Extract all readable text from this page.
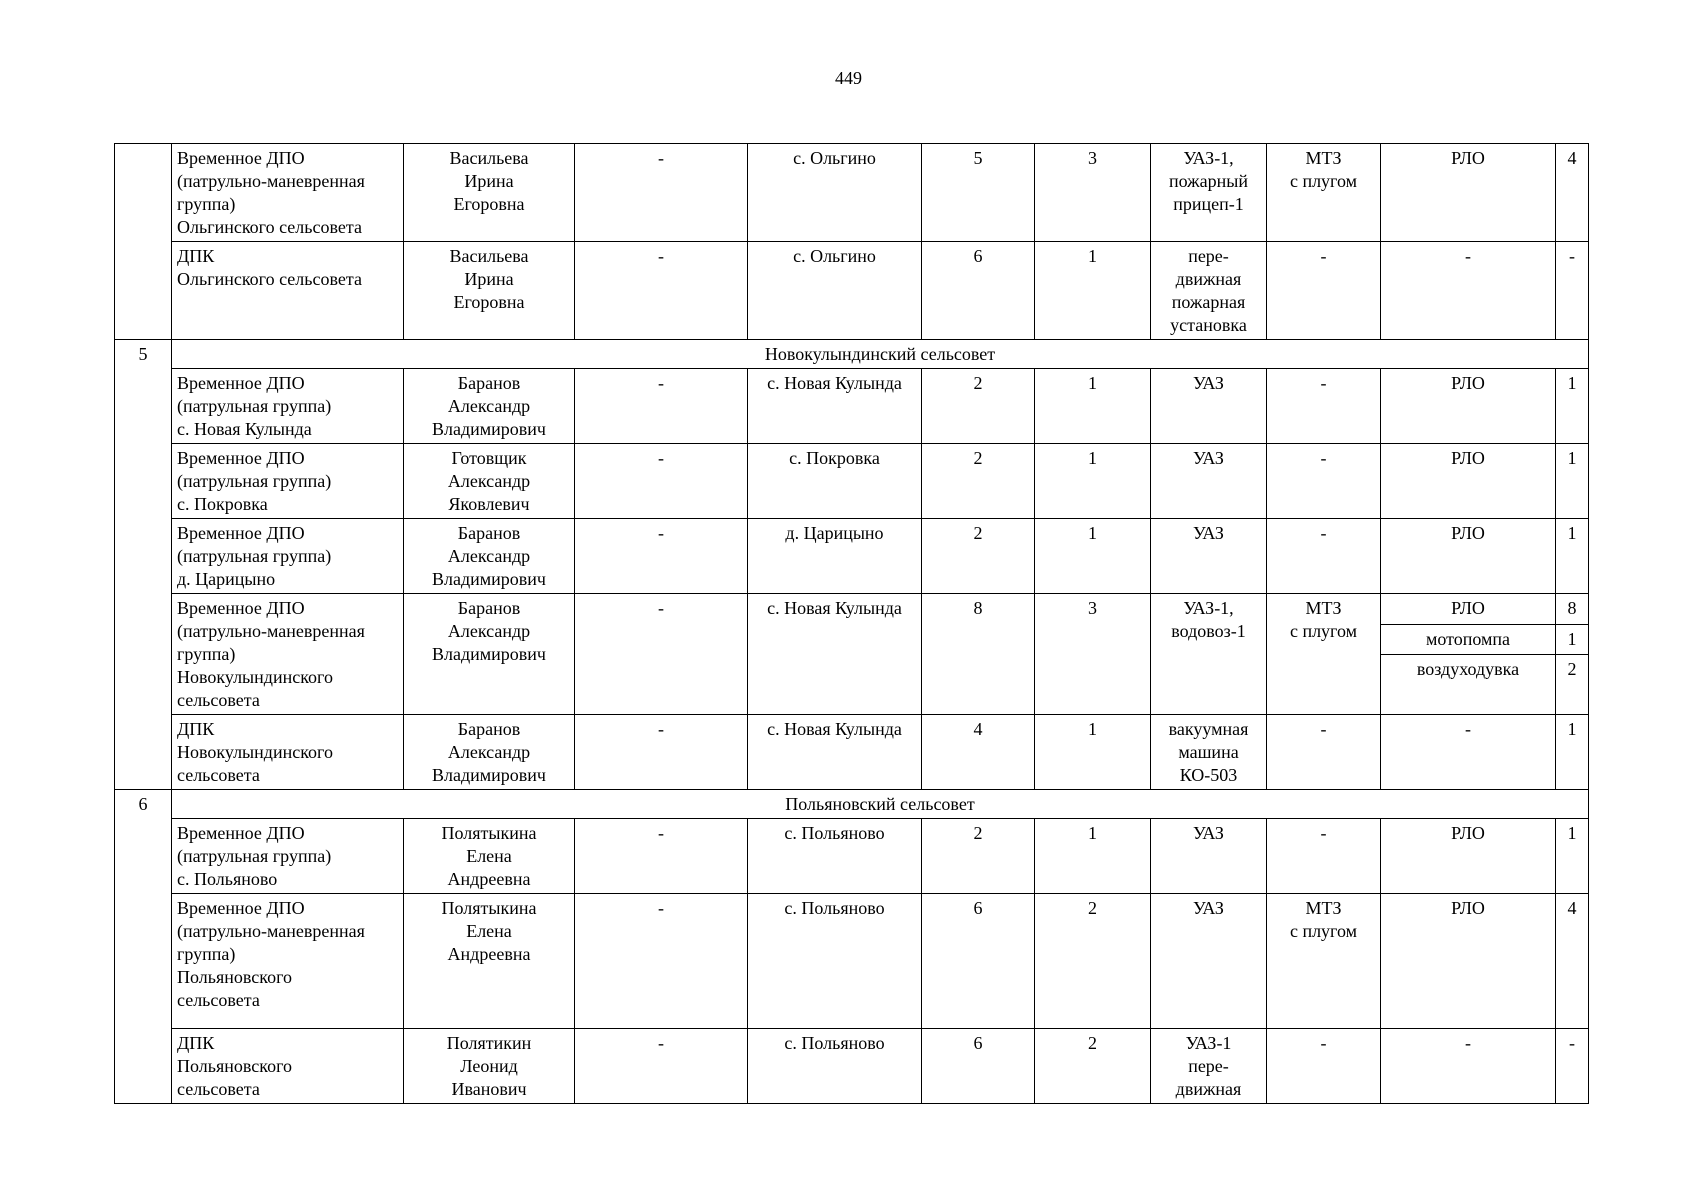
449
	Временное ДПО
(патрульно-маневренная
группа)
Ольгинского сельсовета	Васильева
Ирина
Егоровна	-	с. Ольгино	5	3	УАЗ-1,
пожарный
прицеп-1	МТЗ
с плугом	РЛО	4
	ДПК
Ольгинского сельсовета	Васильева
Ирина
Егоровна	-	с. Ольгино	6	1	пере-
движная
пожарная
установка	-	-	-
5	Новокулындинский сельсовет									
	Временное ДПО
(патрульная группа)
с. Новая Кулында	Баранов
Александр
Владимирович	-	с. Новая Кулында	2	1	УАЗ	-	РЛО	1
	Временное ДПО
(патрульная группа)
с. Покровка	Готовщик
Александр
Яковлевич	-	с. Покровка	2	1	УАЗ	-	РЛО	1
	Временное ДПО
(патрульная группа)
д. Царицыно	Баранов
Александр
Владимирович	-	д. Царицыно	2	1	УАЗ	-	РЛО	1
	Временное ДПО
(патрульно-маневренная
группа)
Новокулындинского
сельсовета	Баранов
Александр
Владимирович	-	с. Новая Кулында	8	3	УАЗ-1,
водовоз-1	МТЗ
с плугом	РЛО	8
									мотопомпа	1
									воздуходувка	2
	ДПК
Новокулындинского
сельсовета	Баранов
Александр
Владимирович	-	с. Новая Кулында	4	1	вакуумная
машина
КО-503	-	-	1
6	Польяновский сельсовет									
	Временное ДПО
(патрульная группа)
с. Польяново	Полятыкина
Елена
Андреевна	-	с. Польяново	2	1	УАЗ	-	РЛО	1
	Временное ДПО
(патрульно-маневренная
группа)
Польяновского
сельсовета	Полятыкина
Елена
Андреевна	-	с. Польяново	6	2	УАЗ	МТЗ
с плугом	РЛО	4
	ДПК
Польяновского
сельсовета	Полятикин
Леонид
Иванович	-	с. Польяново	6	2	УАЗ-1
пере-
движная	-	-	-
